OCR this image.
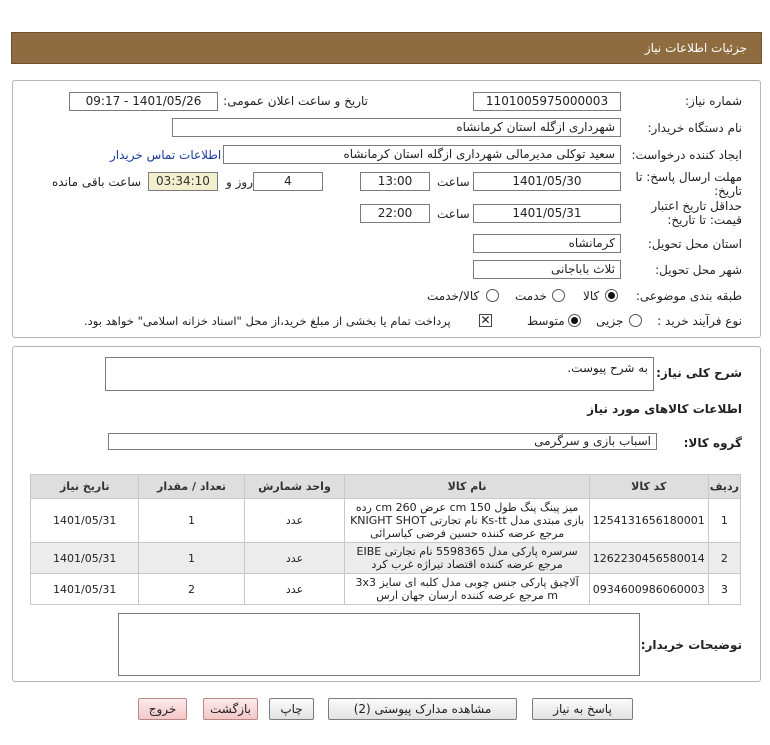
جزئیات اطلاعات نیاز
شماره نیاز:
1101005975000003
تاریخ و ساعت اعلان عمومی:
1401/05/26 - 09:17
نام دستگاه خریدار:
شهرداری ازگله استان کرمانشاه
ایجاد کننده درخواست:
سعید توکلی مدیرمالی شهرداری ازگله استان کرمانشاه
اطلاعات تماس خریدار
مهلت ارسال پاسخ: تا
تاریخ:
1401/05/30
ساعت
13:00
4
روز و
03:34:10
ساعت باقی مانده
حداقل تاریخ اعتبار
قیمت: تا تاریخ:
1401/05/31
ساعت
22:00
استان محل تحویل:
کرمانشاه
شهر محل تحویل:
ثلاث باباجانی
طبقه بندی موضوعی:
کالا
خدمت
کالا/خدمت
نوع فرآیند خرید :
جزیی
متوسط
✕
پرداخت تمام یا بخشی از مبلغ خرید،از محل "اسناد خزانه اسلامی" خواهد بود.
شرح کلی نیاز:
به شرح پیوست.
اطلاعات کالاهای مورد نیاز
گروه کالا:
اسباب بازی و سرگرمی
ردیف	کد کالا	نام کالا	واحد شمارش	تعداد / مقدار	تاریخ نیاز
1	1254131656180001	میز پینگ پنگ طول cm 150 عرض cm 260 رده بازی مبتدی مدل Ks-tt نام تجارتی KNIGHT SHOT مرجع عرضه کننده حسین فرضی کیاسرائی	عدد	1	1401/05/31
2	1262230456580014	سرسره پارکی مدل 5598365 نام تجارتی EIBE مرجع عرضه کننده اقتصاد تیراژه غرب کرد	عدد	1	1401/05/31
3	0934600986060003	آلاچیق پارکی جنس چوبی مدل کلبه ای سایز 3x3 m مرجع عرضه کننده ارسان جهان ارس	عدد	2	1401/05/31
توضیحات خریدار:
پاسخ به نیاز
مشاهده مدارک پیوستی (2)
چاپ
بازگشت
خروج
